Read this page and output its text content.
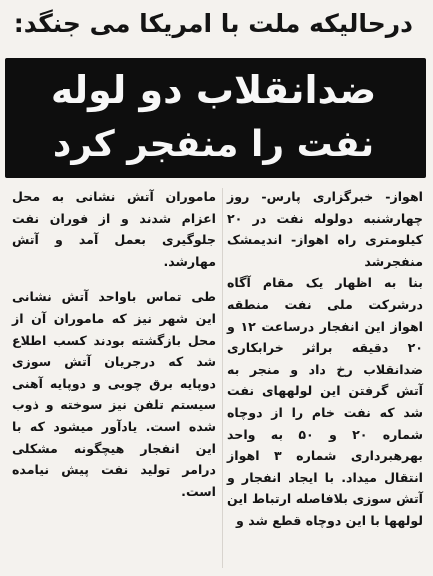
درحالیکه ملت با امریکا می جنگد:
ضدانقلاب دو لوله
نفت را منفجر کرد

اهواز- خبرگزاری پارس- روز چهارشنبه دولوله نفت در ۲۰ کیلومتری راه اهواز- اندیمشک منفجرشد

بنا به اظهار یک مقام آگاه درشرکت ملی نفت منطقه اهواز این انفجار درساعت ۱۲ و ۲۰ دقیقه براثر خرابکاری ضدانقلاب رخ داد و منجر به آتش گرفتن این لولههای نفت شد که نفت خام را از دوچاه شماره ۲۰ و ۵۰ به واحد بهرهبرداری شماره ۳ اهواز انتقال میداد. با ایجاد انفجار و آتش سوزی بلافاصله ارتباط این لولهها با این دوچاه قطع شد و

ماموران آتش نشانی به محل اعزام شدند و از فوران نفت جلوگیری بعمل آمد و آتش مهارشد.

طی تماس باواحد آتش نشانی این شهر نیز که ماموران آن از محل بازگشته بودند کسب اطلاع شد که درجریان آتش سوزی دوپایه برق چوبی و دوپایه آهنی سیستم تلفن نیز سوخته و ذوب شده است. یادآور میشود که با این انفجار هیچگونه مشکلی درامر تولید نفت پیش نیامده است.
